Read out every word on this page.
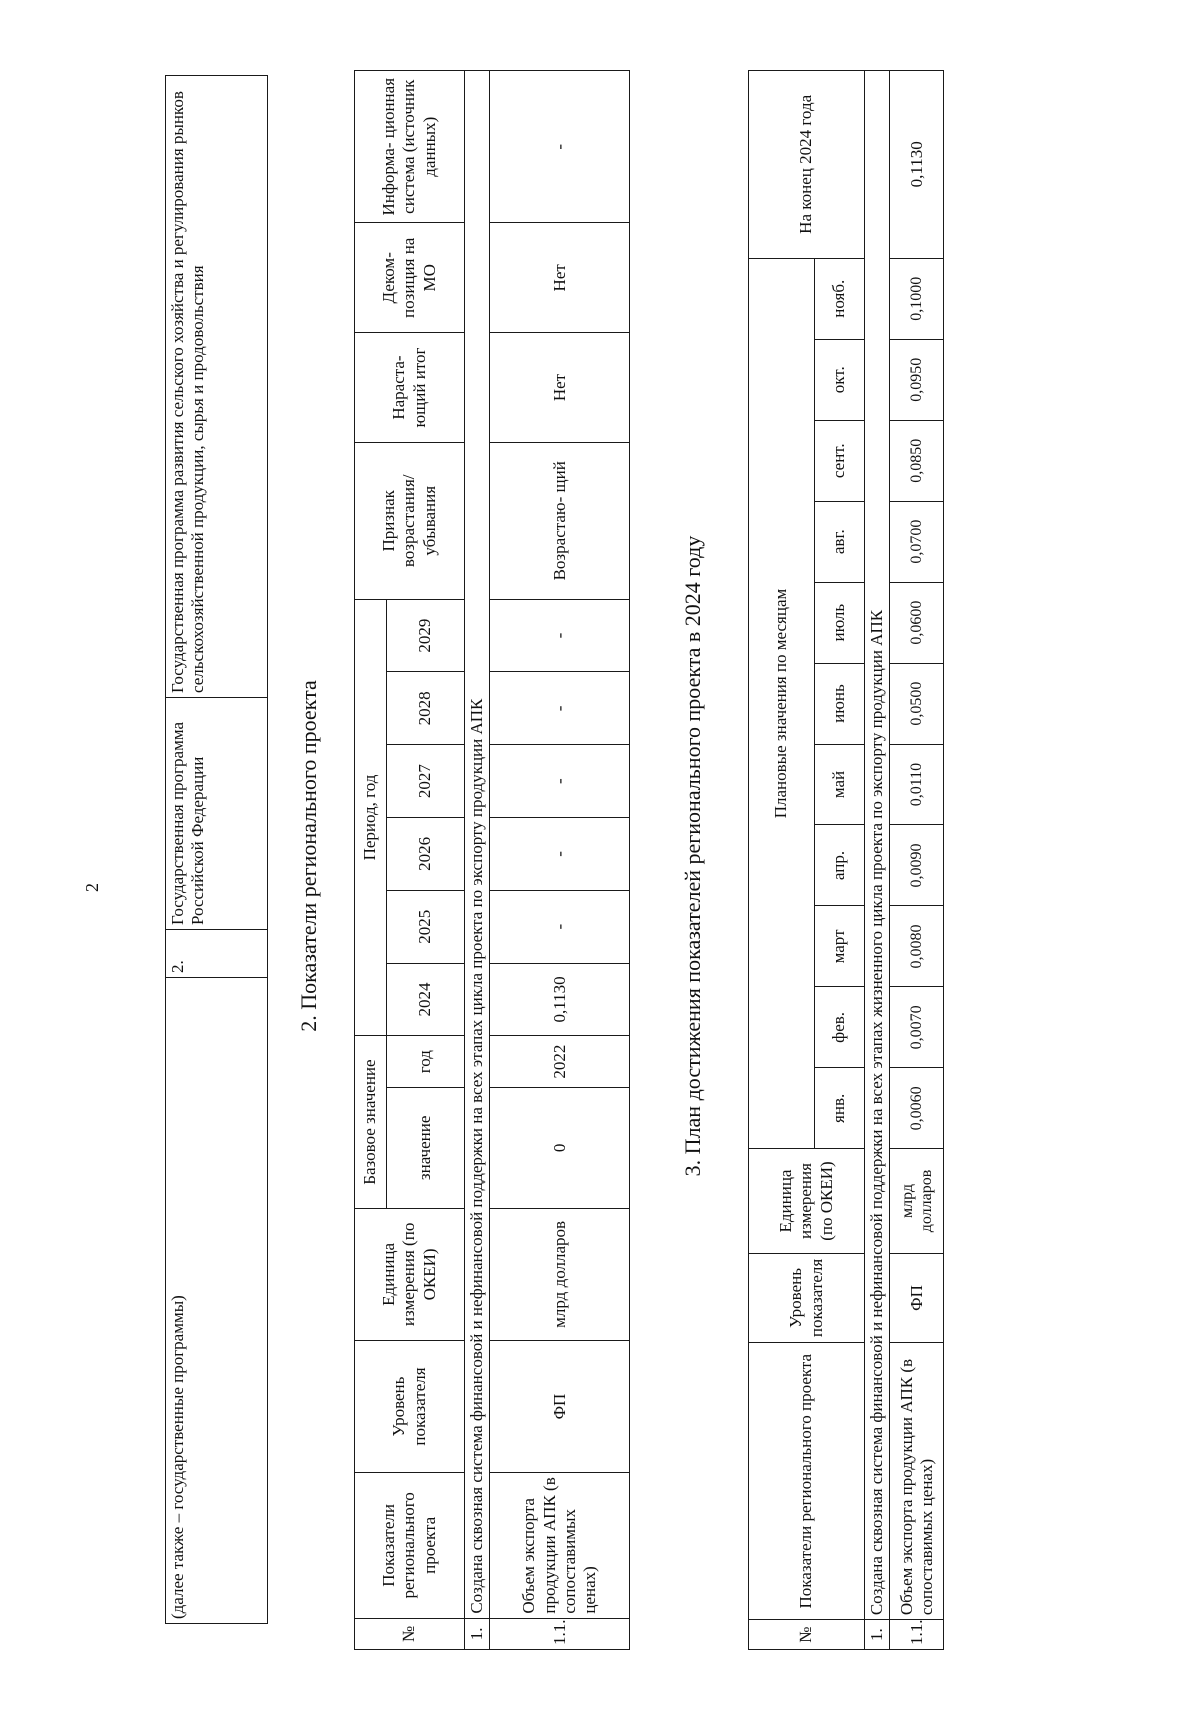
2
(далее также – государственные программы)	2.	Государственная программа Российской Федерации	Государственная программа развития сельского хозяйства и регулирования рынков сельскохозяйственной продукции, сырья и продовольствия
2. Показатели регионального проекта
№	Показатели регионального проекта	Уровень показателя	Единица измерения (по ОКЕИ)	Базовое значение		Период, год						Признак возрастания/ убывания	Нараста- ющий итог	Деком- позиция на МО	Информа- ционная система (источник данных)
				значение	год	2024	2025	2026	2027	2028	2029				
1.	Создана сквозная система финансовой и нефинансовой поддержки на всех этапах цикла проекта по экспорту продукции АПК														
1.1.	Объем экспорта продукции АПК (в сопоставимых ценах)	ФП	млрд долларов	0	2022	0,1130	-	-	-	-	-	Возрастаю- щий	Нет	Нет	-
3. План достижения показателей регионального проекта в 2024 году
№	Показатели регионального проекта	Уровень показателя	Единица измерения (по ОКЕИ)	Плановые значения по месяцам											На конец 2024 года
				янв.	фев.	март	апр.	май	июнь	июль	авг.	сент.	окт.	нояб.	
1.	Создана сквозная система финансовой и нефинансовой поддержки на всех этапах жизненного цикла проекта по экспорту продукции АПК														
1.1.	Объем экспорта продукции АПК (в сопоставимых ценах)	ФП	млрд долларов	0,0060	0,0070	0,0080	0,0090	0,0110	0,0500	0,0600	0,0700	0,0850	0,0950	0,1000	0,1130
